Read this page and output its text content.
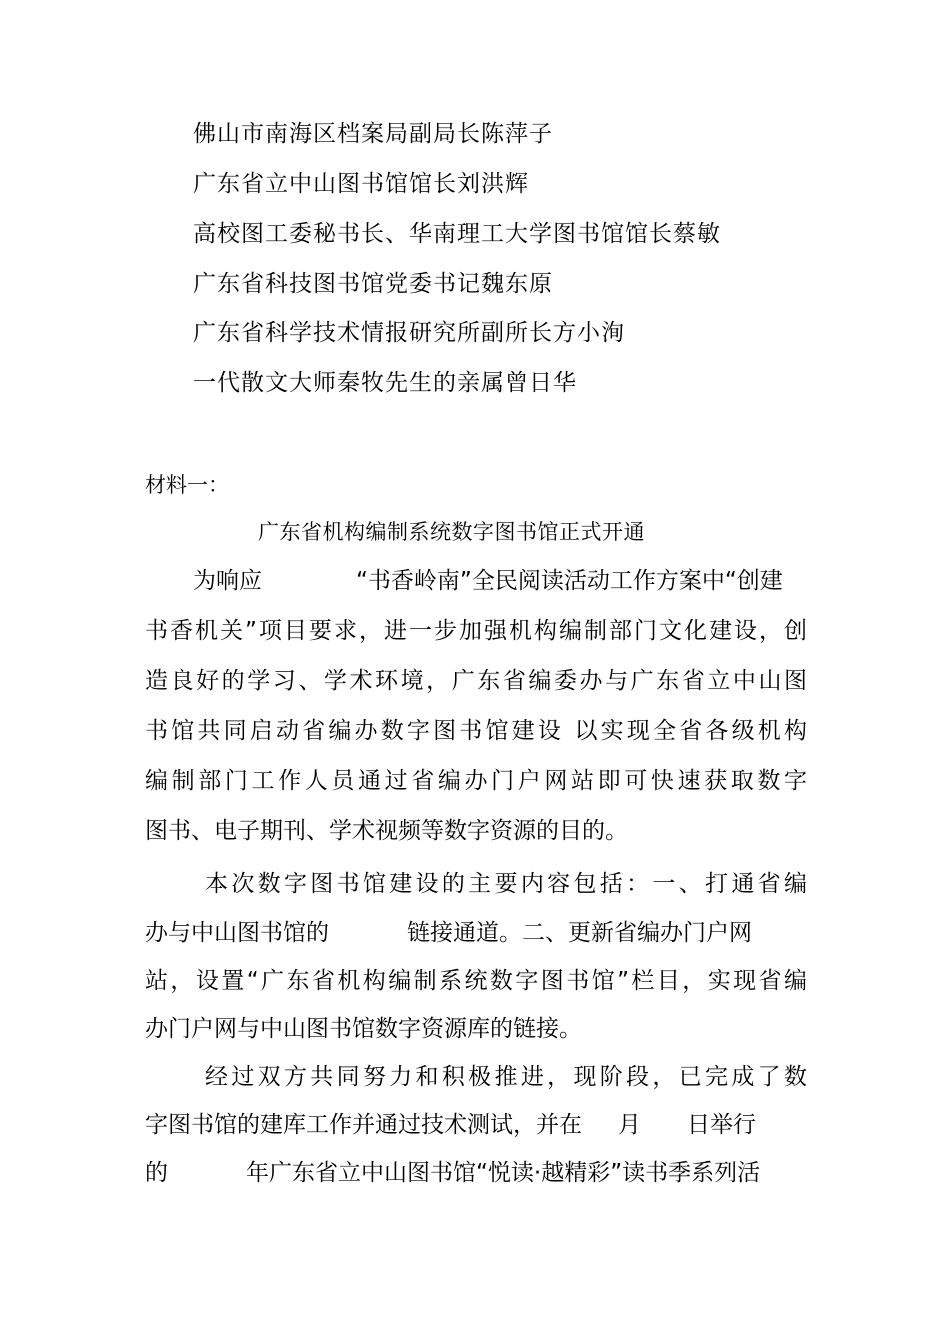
佛山市南海区档案局副局长陈萍子
广东省立中山图书馆馆长刘洪辉
高校图工委秘书长、华南理工大学图书馆馆长蔡敏
广东省科技图书馆党委书记魏东原
广东省科学技术情报研究所副所长方小洵
一代散文大师秦牧先生的亲属曾日华
材料一：
广东省机构编制系统数字图书馆正式开通
为响应	“书香岭南”全民阅读活动工作方案中“创建
书香机关”项目要求，进一步加强机构编制部门文化建设，创
造良好的学习、学术环境，广东省编委办与广东省立中山图
书馆共同启动省编办数字图书馆建设 以实现全省各级机构
编制部门工作人员通过省编办门户网站即可快速获取数字
图书、电子期刊、学术视频等数字资源的目的。
本次数字图书馆建设的主要内容包括：一、打通省编
办与中山图书馆的	链接通道。二、更新省编办门户网
站，设置“广东省机构编制系统数字图书馆”栏目，实现省编
办门户网与中山图书馆数字资源库的链接。
经过双方共同努力和积极推进，现阶段，已完成了数
字图书馆的建库工作并通过技术测试，并在 月 日举行
的	年广东省立中山图书馆“悦读·越精彩”读书季系列活
